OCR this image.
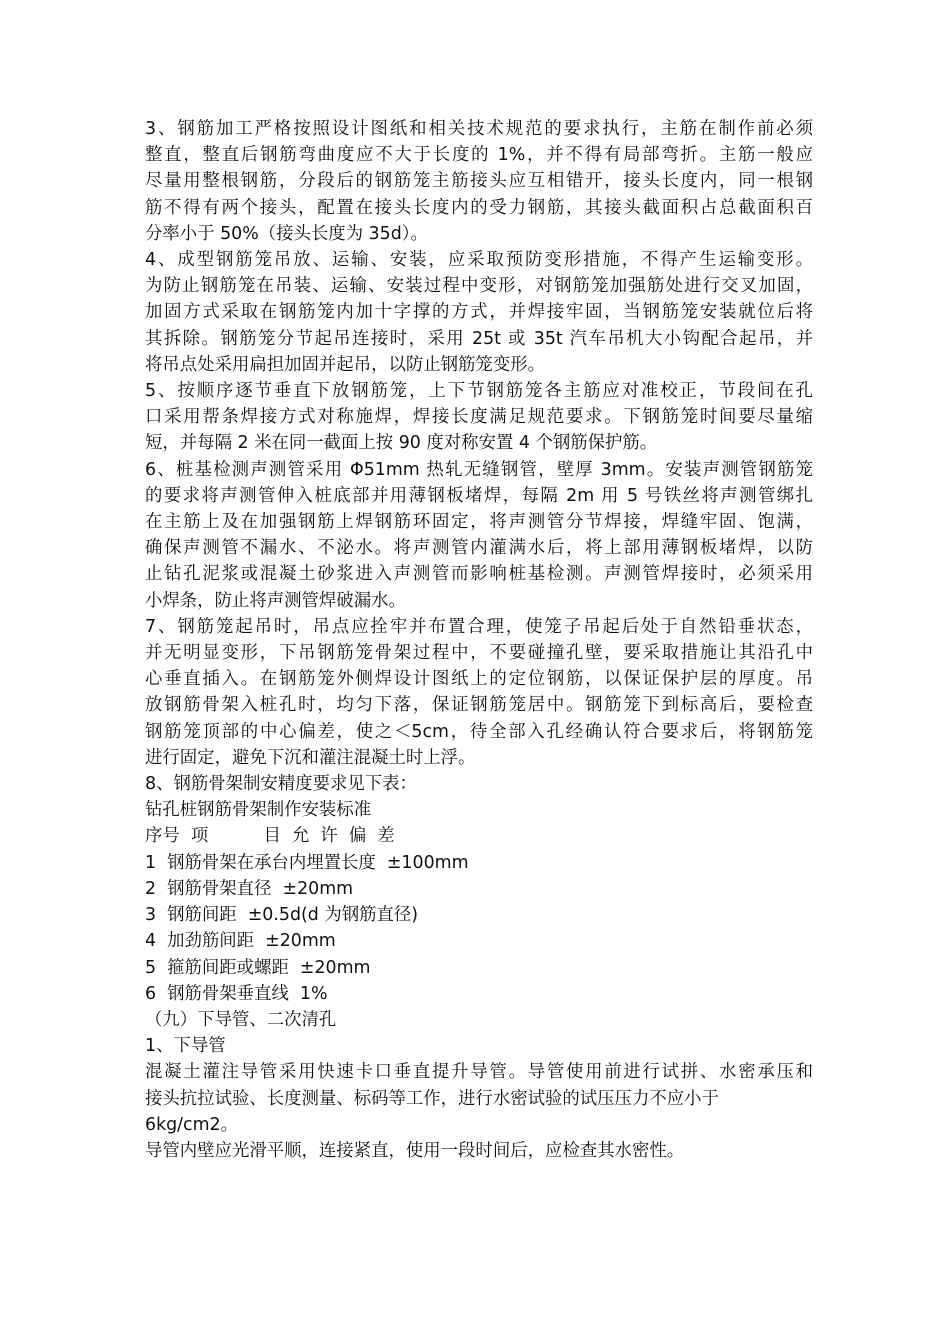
3、钢筋加工严格按照设计图纸和相关技术规范的要求执行，主筋在制作前必须
整直，整直后钢筋弯曲度应不大于长度的 1%，并不得有局部弯折。主筋一般应
尽量用整根钢筋，分段后的钢筋笼主筋接头应互相错开，接头长度内，同一根钢
筋不得有两个接头，配置在接头长度内的受力钢筋，其接头截面积占总截面积百
分率小于 50%（接头长度为 35d）。
4、成型钢筋笼吊放、运输、安装，应采取预防变形措施，不得产生运输变形。
为防止钢筋笼在吊装、运输、安装过程中变形，对钢筋笼加强筋处进行交叉加固，
加固方式采取在钢筋笼内加十字撑的方式，并焊接牢固，当钢筋笼安装就位后将
其拆除。钢筋笼分节起吊连接时，采用 25t 或 35t 汽车吊机大小钩配合起吊，并
将吊点处采用扁担加固并起吊，以防止钢筋笼变形。
5、按顺序逐节垂直下放钢筋笼，上下节钢筋笼各主筋应对准校正，节段间在孔
口采用帮条焊接方式对称施焊，焊接长度满足规范要求。下钢筋笼时间要尽量缩
短，并每隔 2 米在同一截面上按 90 度对称安置 4 个钢筋保护筋。
6、桩基检测声测管采用 Φ51mm 热轧无缝钢管，壁厚 3mm。安装声测管钢筋笼
的要求将声测管伸入桩底部并用薄钢板堵焊，每隔 2m 用 5 号铁丝将声测管绑扎
在主筋上及在加强钢筋上焊钢筋环固定，将声测管分节焊接，焊缝牢固、饱满，
确保声测管不漏水、不泌水。将声测管内灌满水后，将上部用薄钢板堵焊，以防
止钻孔泥浆或混凝土砂浆进入声测管而影响桩基检测。声测管焊接时，必须采用
小焊条，防止将声测管焊破漏水。
7、钢筋笼起吊时，吊点应拴牢并布置合理，使笼子吊起后处于自然铅垂状态，
并无明显变形，下吊钢筋笼骨架过程中，不要碰撞孔壁，要采取措施让其沿孔中
心垂直插入。在钢筋笼外侧焊设计图纸上的定位钢筋，以保证保护层的厚度。吊
放钢筋骨架入桩孔时，均匀下落，保证钢筋笼居中。钢筋笼下到标高后，要检查
钢筋笼顶部的中心偏差，使之＜5cm，待全部入孔经确认符合要求后，将钢筋笼
进行固定，避免下沉和灌注混凝土时上浮。
8、钢筋骨架制安精度要求见下表：
钻孔桩钢筋骨架制作安装标准
序号  项          目  允  许  偏  差
1  钢筋骨架在承台内埋置长度  ±100mm
2  钢筋骨架直径  ±20mm
3  钢筋间距  ±0.5d(d 为钢筋直径)
4  加劲筋间距  ±20mm
5  箍筋间距或螺距  ±20mm
6  钢筋骨架垂直线  1%
（九）下导管、二次清孔
1、下导管
混凝土灌注导管采用快速卡口垂直提升导管。导管使用前进行试拼、水密承压和
接头抗拉试验、长度测量、标码等工作，进行水密试验的试压压力不应小于
6kg/cm2。
导管内壁应光滑平顺，连接紧直，使用一段时间后，应检查其水密性。
